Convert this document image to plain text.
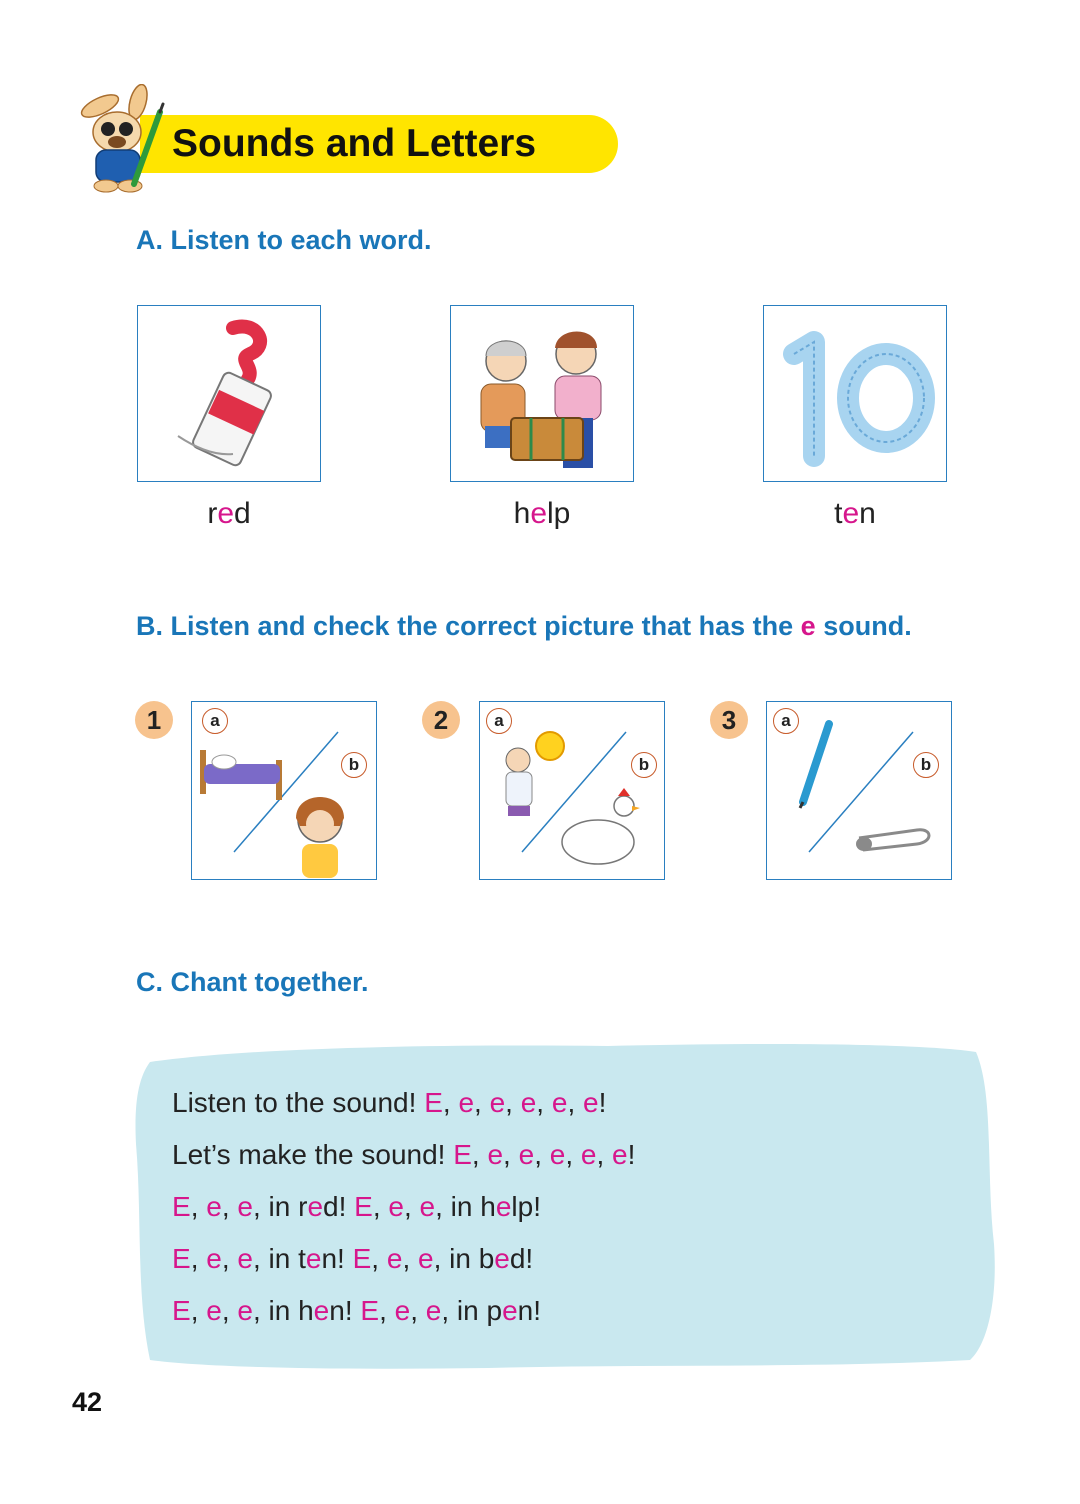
Sounds and Letters
A. Listen to each word.
red	help	ten
B. Listen and check the correct picture that has the e sound.
1	a
b
2	a
b
3	a
b
C. Chant together.
Listen to the sound! E, e, e, e, e, e!
Let’s make the sound! E, e, e, e, e, e!
E, e, e, in red! E, e, e, in help!
E, e, e, in ten! E, e, e, in bed!
E, e, e, in hen! E, e, e, in pen!
42
